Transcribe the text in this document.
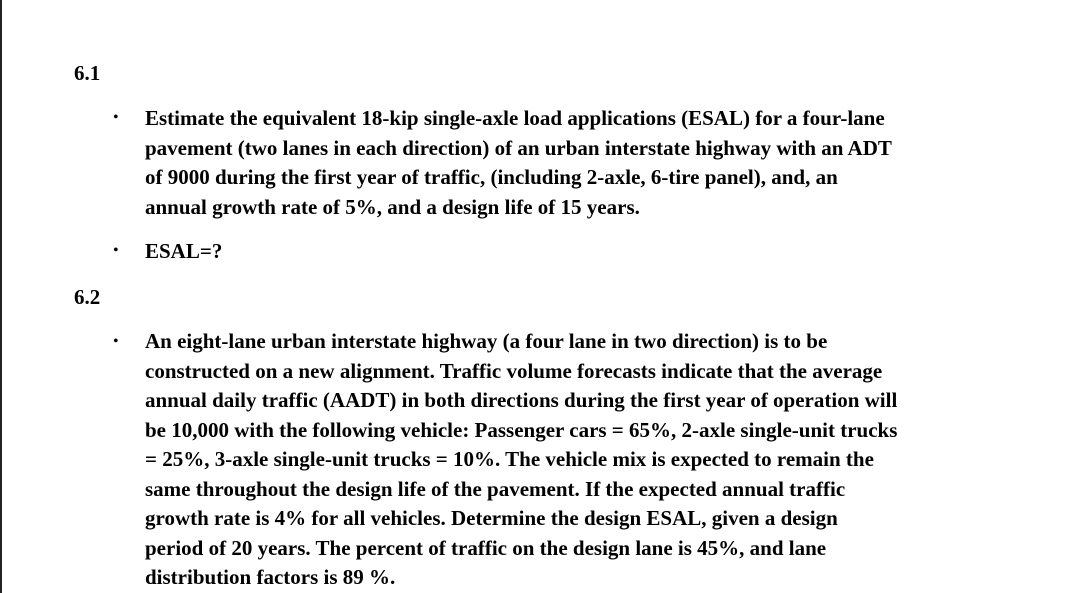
6.1
• Estimate the equivalent 18-kip single-axle load applications (ESAL) for a four-lane
pavement (two lanes in each direction) of an urban interstate highway with an ADT
of 9000 during the first year of traffic, (including 2-axle, 6-tire panel), and, an
annual growth rate of 5%, and a design life of 15 years.
• ESAL=?
6.2
• An eight-lane urban interstate highway (a four lane in two direction) is to be
constructed on a new alignment. Traffic volume forecasts indicate that the average
annual daily traffic (AADT) in both directions during the first year of operation will
be 10,000 with the following vehicle: Passenger cars = 65%, 2-axle single-unit trucks
= 25%, 3-axle single-unit trucks = 10%. The vehicle mix is expected to remain the
same throughout the design life of the pavement. If the expected annual traffic
growth rate is 4% for all vehicles. Determine the design ESAL, given a design
period of 20 years. The percent of traffic on the design lane is 45%, and lane
distribution factors is 89 %.
